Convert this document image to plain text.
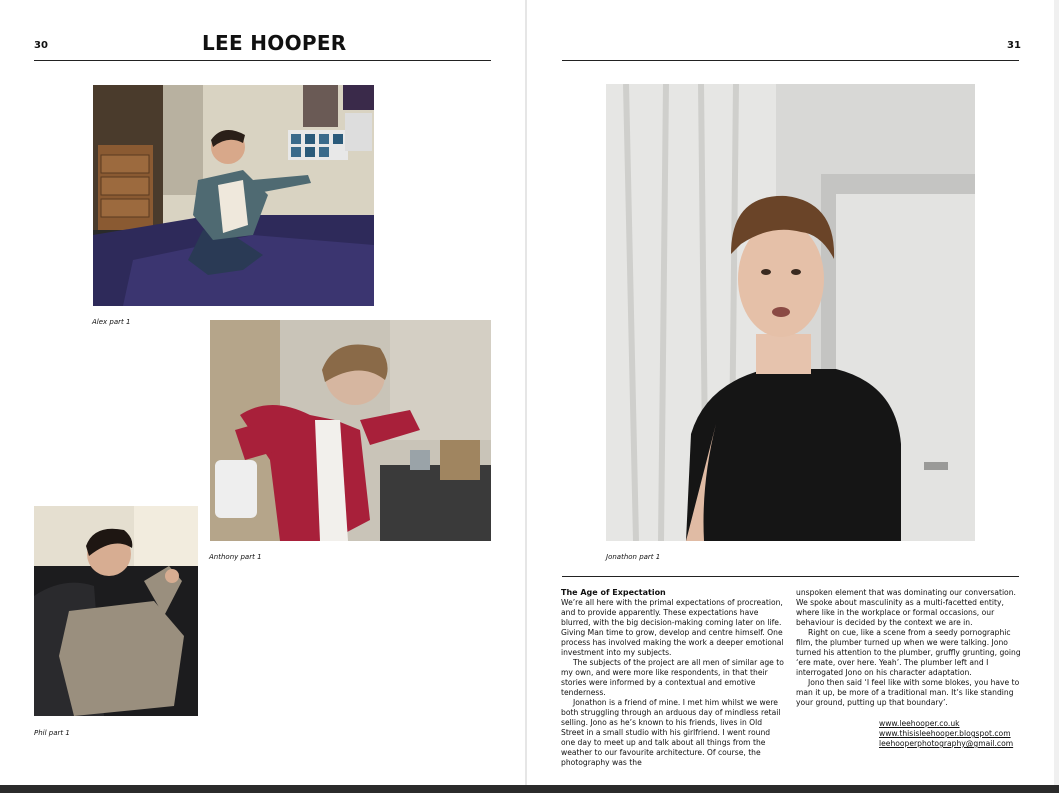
30	LEE HOOPER
Alex part 1
Anthony part 1
Phil part 1
31
Jonathon part 1
The Age of Expectation

We’re all here with the primal expectations of procreation, and to provide apparently. These expectations have blurred, with the big decision-making coming later on life. Giving Man time to grow, develop and centre himself. One process has involved making the work a deeper emotional investment into my subjects.

The subjects of the project are all men of similar age to my own, and were more like respondents, in that their stories were informed by a contextual and emotive tenderness.

Jonathon is a friend of mine. I met him whilst we were both struggling through an arduous day of mindless retail selling. Jono as he’s known to his friends, lives in Old Street in a small studio with his girlfriend. I went round one day to meet up and talk about all things from the weather to our favourite architecture. Of course, the photography was the

unspoken element that was dominating our conversation. We spoke about masculinity as a multi-facetted entity, where like in the workplace or formal occasions, our behaviour is decided by the context we are in.

Right on cue, like a scene from a seedy pornographic film, the plumber turned up when we were talking. Jono turned his attention to the plumber, gruffly grunting, going ‘ere mate, over here. Yeah’. The plumber left and I interrogated Jono on his character adaptation.

Jono then said ‘I feel like with some blokes, you have to man it up, be more of a traditional man. It’s like standing your ground, putting up that boundary’.

www.leehooper.co.uk
www.thisisleehooper.blogspot.com
leehooperphotography@gmail.com
